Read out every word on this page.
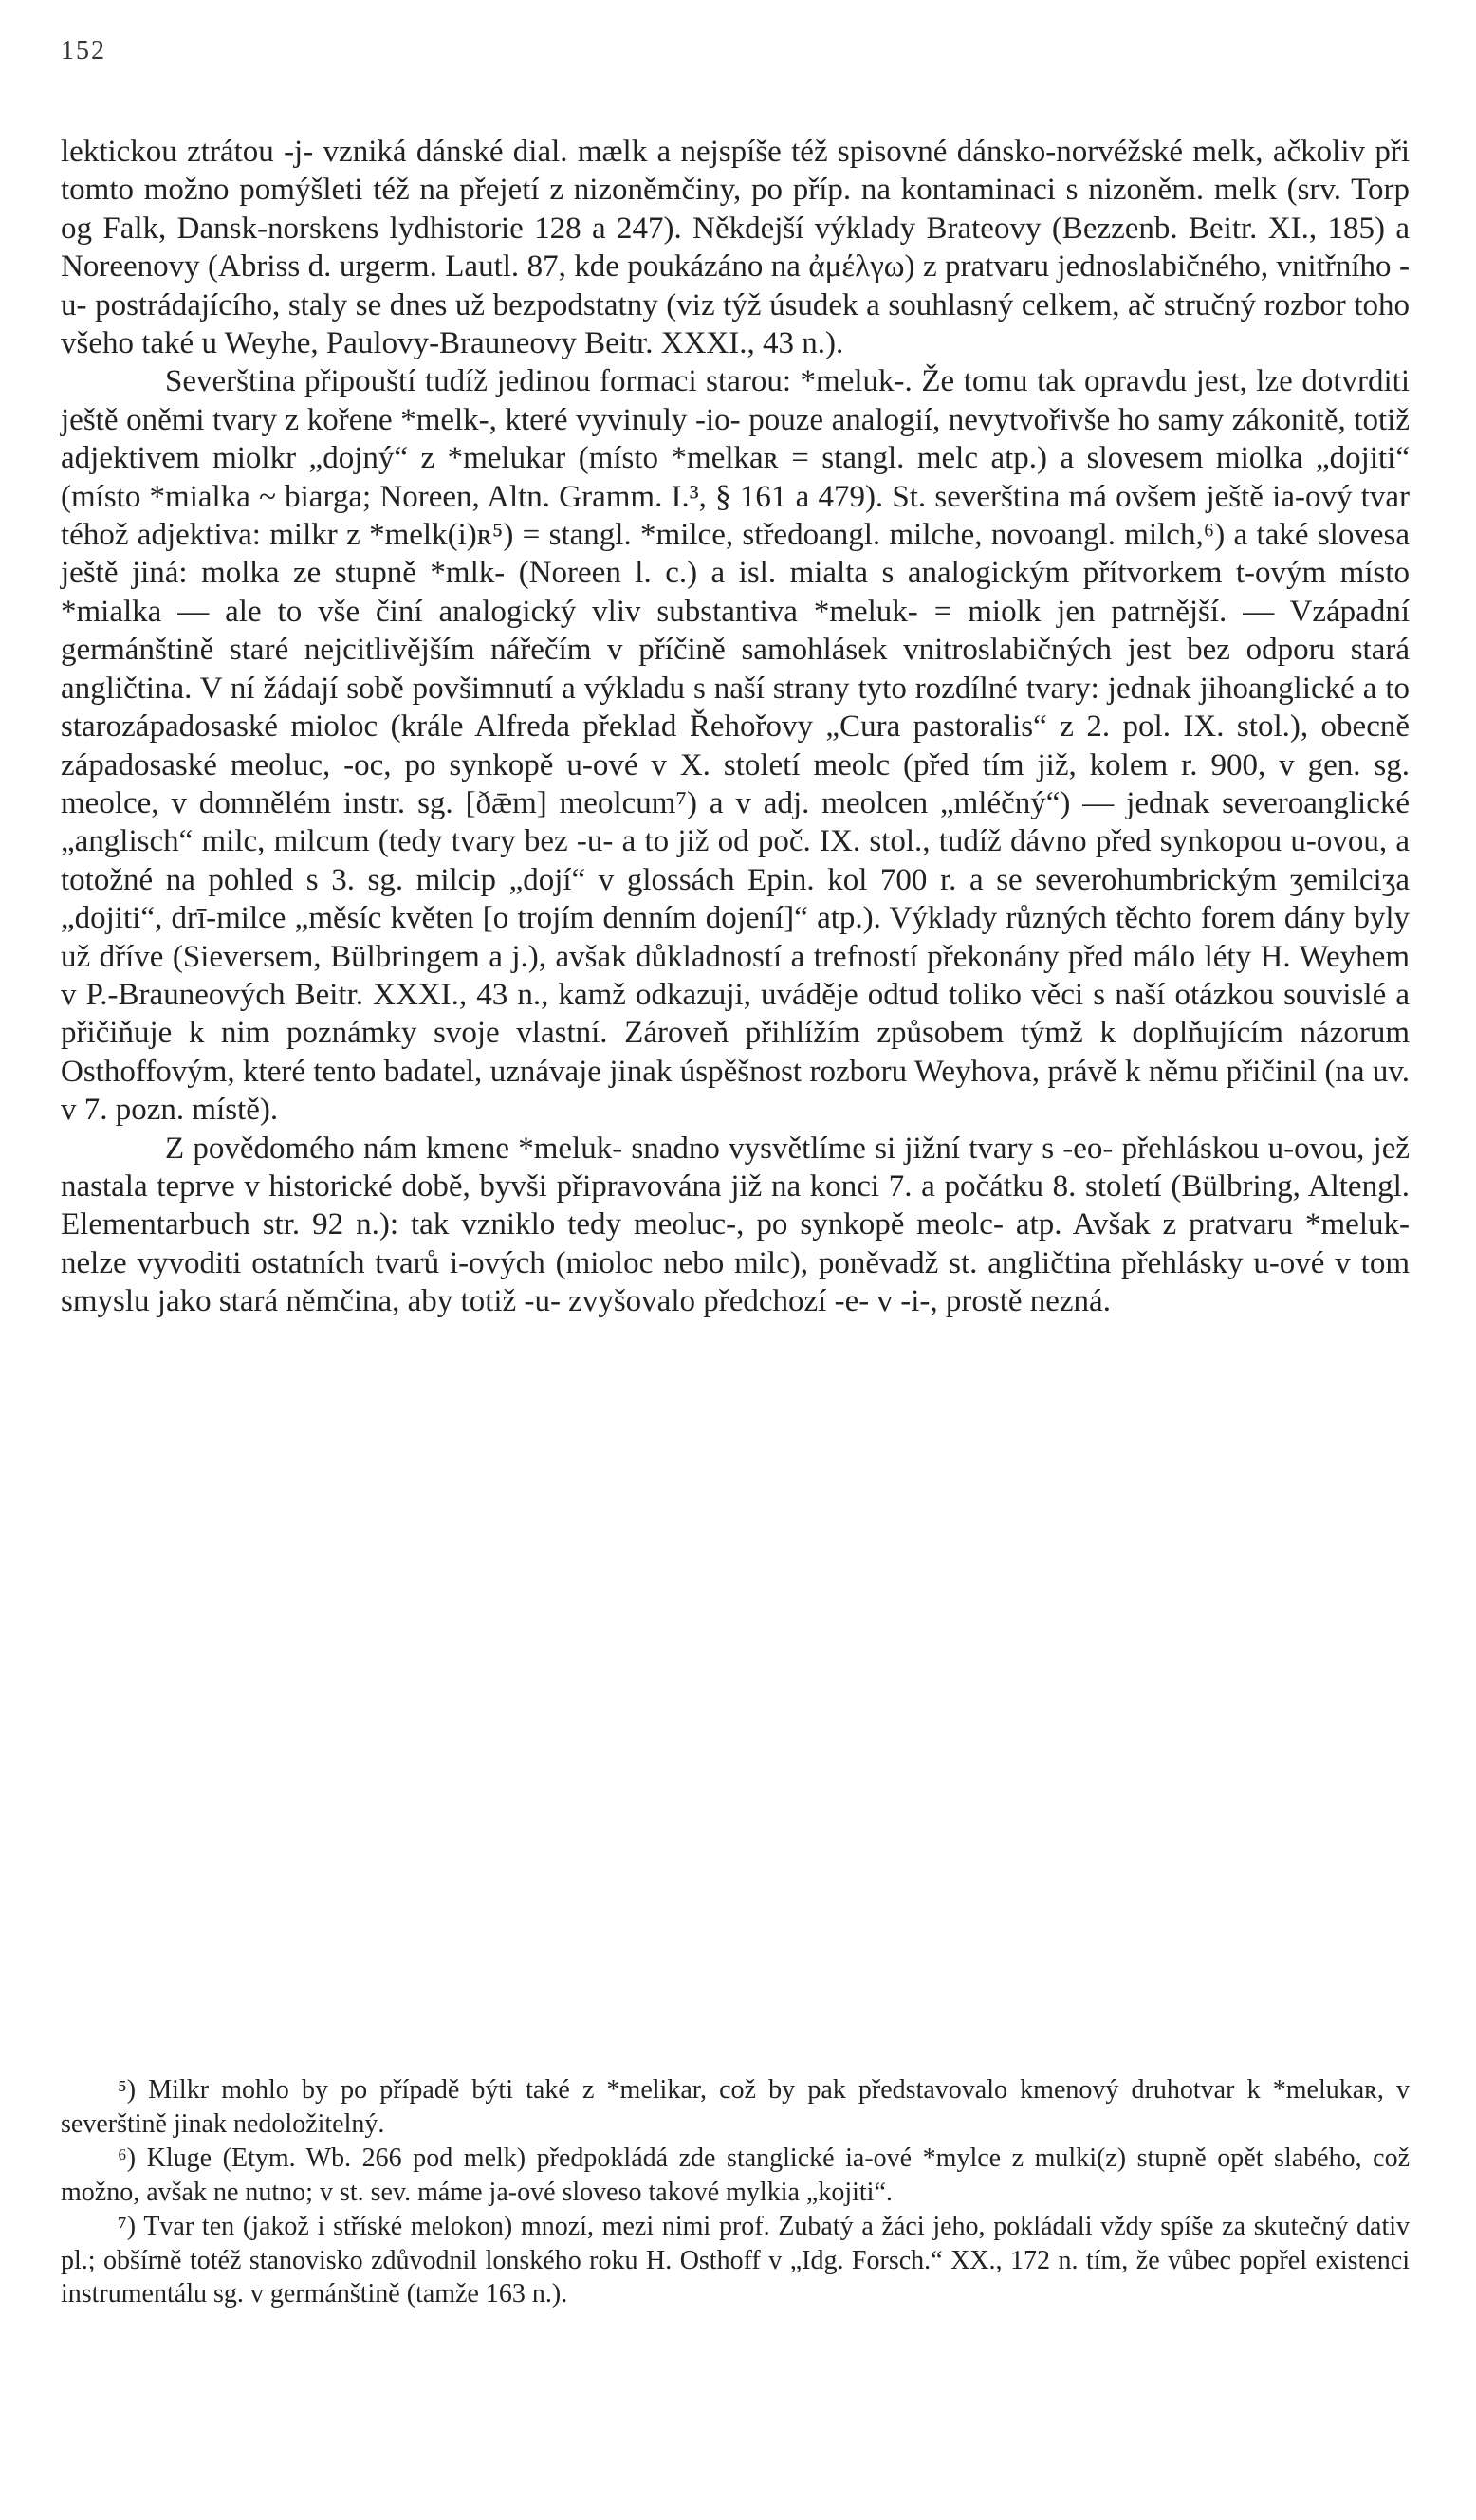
152

lektickou ztrátou -j- vzniká dánské dial. mælk a nejspíše též spisovné dánsko-norvéžské melk, ačkoliv při tomto možno pomýšleti též na přejetí z nizoněmčiny, po příp. na kontaminaci s nizoněm. melk (srv. Torp og Falk, Dansk-norskens lydhistorie 128 a 247). Někdejší výklady Brateovy (Bezzenb. Beitr. XI., 185) a Noreenovy (Abriss d. urgerm. Lautl. 87, kde poukázáno na ἀμέλγω) z pratvaru jednoslabičného, vnitřního -u- postrádajícího, staly se dnes už bezpodstatny (viz týž úsudek a souhlasný celkem, ač stručný rozbor toho všeho také u Weyhe, Paulovy-Brauneovy Beitr. XXXI., 43 n.).

Severština připouští tudíž jedinou formaci starou: *meluk-. Že tomu tak opravdu jest, lze dotvrditi ještě oněmi tvary z kořene *melk-, které vyvinuly -io- pouze analogií, nevytvořivše ho samy zákonitě, totiž adjektivem miolkr „dojný“ z *melukar (místo *melkaʀ = stangl. melc atp.) a slovesem miolka „dojiti“ (místo *mialka ~ biarga; Noreen, Altn. Gramm. I.³, § 161 a 479). St. severština má ovšem ještě ia-ový tvar téhož adjektiva: milkr z *melk(i)ʀ⁵) = stangl. *milce, středoangl. milche, novoangl. milch,⁶) a také slovesa ještě jiná: molka ze stupně *mlk- (Noreen l. c.) a isl. mialta s analogickým přítvorkem t-ovým místo *mialka — ale to vše činí analogický vliv substantiva *meluk- = miolk jen patrnější. — Vzápadní germánštině staré nejcitlivějším nářečím v příčině samohlásek vnitroslabičných jest bez odporu stará angličtina. V ní žádají sobě povšimnutí a výkladu s naší strany tyto rozdílné tvary: jednak jihoanglické a to starozápadosaské mioloc (krále Alfreda překlad Řehořovy „Cura pastoralis“ z 2. pol. IX. stol.), obecně západosaské meoluc, -oc, po synkopě u-ové v X. století meolc (před tím již, kolem r. 900, v gen. sg. meolce, v domnělém instr. sg. [ðǣm] meolcum⁷) a v adj. meolcen „mléčný“) — jednak severoanglické „anglisch“ milc, milcum (tedy tvary bez -u- a to již od poč. IX. stol., tudíž dávno před synkopou u-ovou, a totožné na pohled s 3. sg. milcip „dojí“ v glossách Epin. kol 700 r. a se severohumbrickým ʒemilciʒa „dojiti“, drī-milce „měsíc květen [o trojím denním dojení]“ atp.). Výklady různých těchto forem dány byly už dříve (Sieversem, Bülbringem a j.), avšak důkladností a trefností překonány před málo léty H. Weyhem v P.-Brauneových Beitr. XXXI., 43 n., kamž odkazuji, uváděje odtud toliko věci s naší otázkou souvislé a přičiňuje k nim poznámky svoje vlastní. Zároveň přihlížím způsobem týmž k doplňujícím názorum Osthoffovým, které tento badatel, uznávaje jinak úspěšnost rozboru Weyhova, právě k němu přičinil (na uv. v 7. pozn. místě).

Z povědomého nám kmene *meluk- snadno vysvětlíme si jižní tvary s -eo- přehláskou u-ovou, jež nastala teprve v historické době, byvši připravována již na konci 7. a počátku 8. století (Bülbring, Altengl. Elementarbuch str. 92 n.): tak vzniklo tedy meoluc-, po synkopě meolc- atp. Avšak z pratvaru *meluk- nelze vyvoditi ostatních tvarů i-ových (mioloc nebo milc), poněvadž st. angličtina přehlásky u-ové v tom smyslu jako stará němčina, aby totiž -u- zvyšovalo předchozí -e- v -i-, prostě nezná.

⁵) Milkr mohlo by po případě býti také z *melikar, což by pak představovalo kmenový druhotvar k *melukaʀ, v severštině jinak nedoložitelný.

⁶) Kluge (Etym. Wb. 266 pod melk) předpokládá zde stanglické ia-ové *mylce z mulki(z) stupně opět slabého, což možno, avšak ne nutno; v st. sev. máme ja-ové sloveso takové mylkia „kojiti“.

⁷) Tvar ten (jakož i stříské melokon) mnozí, mezi nimi prof. Zubatý a žáci jeho, pokládali vždy spíše za skutečný dativ pl.; obšírně totéž stanovisko zdůvodnil lonského roku H. Osthoff v „Idg. Forsch.“ XX., 172 n. tím, že vůbec popřel existenci instrumentálu sg. v germánštině (tamže 163 n.).
